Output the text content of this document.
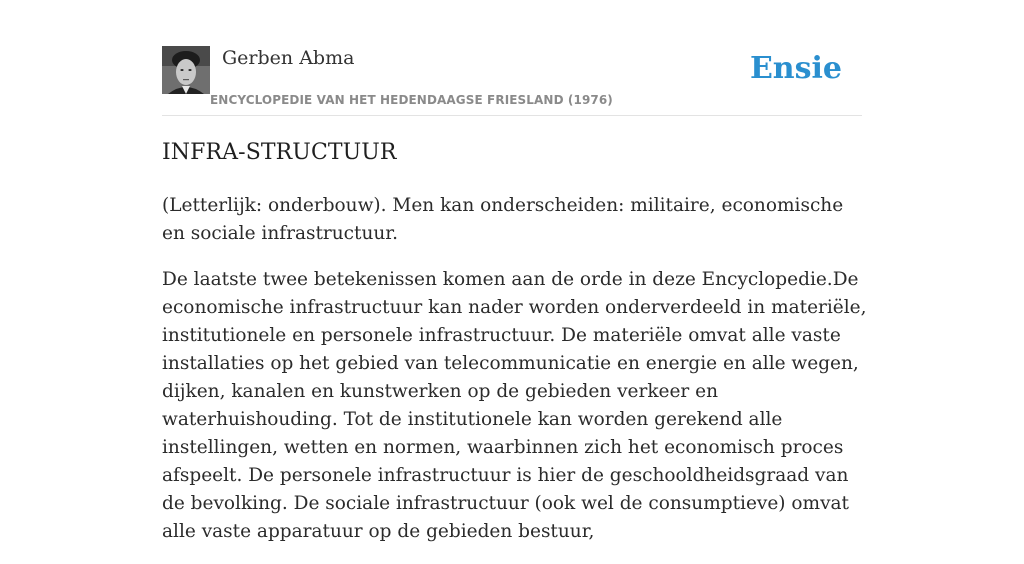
Gerben Abma
ENCYCLOPEDIE VAN HET HEDENDAAGSE FRIESLAND (1976)
Ensie
INFRA-STRUCTUUR

(Letterlijk: onderbouw). Men kan onderscheiden: militaire, economische en sociale infrastructuur.

De laatste twee betekenissen komen aan de orde in deze Encyclopedie.De economische infrastructuur kan nader worden onderverdeeld in materiële, institutionele en personele infrastructuur. De materiële omvat alle vaste installaties op het gebied van telecommunicatie en energie en alle wegen, dijken, kanalen en kunstwerken op de gebieden verkeer en waterhuishouding. Tot de institutionele kan worden gerekend alle instellingen, wetten en normen, waarbinnen zich het economisch proces afspeelt. De personele infrastructuur is hier de geschooldheidsgraad van de bevolking. De sociale infrastructuur (ook wel de consumptieve) omvat alle vaste apparatuur op de gebieden bestuur,
